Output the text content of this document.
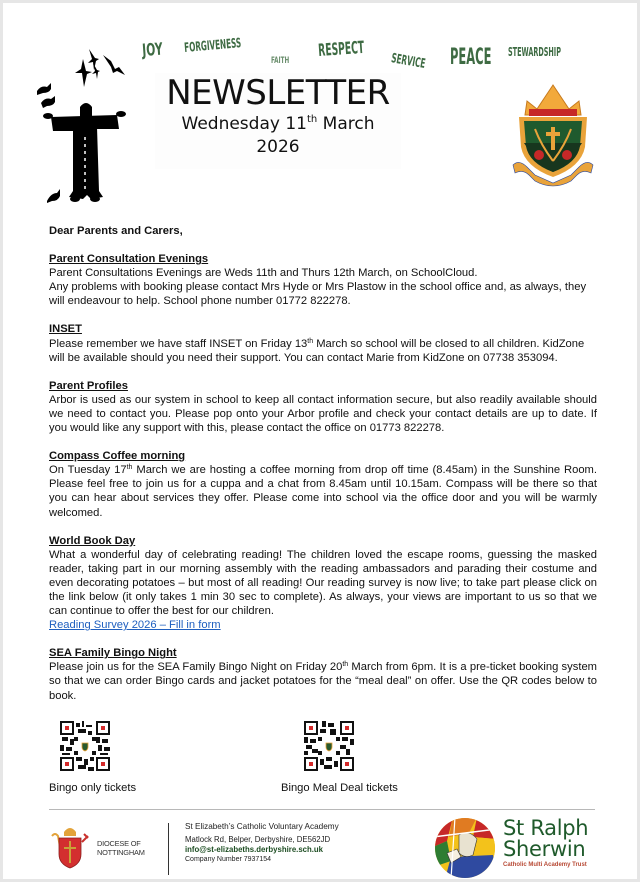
JOY FORGIVENESS
FAITH RESPECT
SERVICE PEACE STEWARDSHIP
NEWSLETTER
Wednesday 11th March
2026

Dear Parents and Carers,

Parent Consultation Evenings

Parent Consultations Evenings are Weds 11th and Thurs 12th March, on SchoolCloud.

Any problems with booking please contact Mrs Hyde or Mrs Plastow in the school office and, as always, they will endeavour to help. School phone number 01772 822278.

INSET

Please remember we have staff INSET on Friday 13th March so school will be closed to all children. KidZone will be available should you need their support. You can contact Marie from KidZone on 07738 353094.

Parent Profiles

Arbor is used as our system in school to keep all contact information secure, but also readily available should we need to contact you. Please pop onto your Arbor profile and check your contact details are up to date. If you would like any support with this, please contact the office on 01773 822278.

Compass Coffee morning

On Tuesday 17th March we are hosting a coffee morning from drop off time (8.45am) in the Sunshine Room. Please feel free to join us for a cuppa and a chat from 8.45am until 10.15am. Compass will be there so that you can hear about services they offer. Please come into school via the office door and you will be warmly welcomed.

World Book Day

What a wonderful day of celebrating reading! The children loved the escape rooms, guessing the masked reader, taking part in our morning assembly with the reading ambassadors and parading their costume and even decorating potatoes – but most of all reading! Our reading survey is now live; to take part please click on the link below (it only takes 1 min 30 sec to complete). As always, your views are important to us so that we can continue to offer the best for our children.

Reading Survey 2026 – Fill in form
SEA Family Bingo Night

Please join us for the SEA Family Bingo Night on Friday 20th March from 6pm. It is a pre-ticket booking system so that we can order Bingo cards and jacket potatoes for the “meal deal” on offer. Use the QR codes below to book.

Bingo only tickets	Bingo Meal Deal tickets
DIOCESE OF
NOTTINGHAM
St Elizabeth’s Catholic Voluntary Academy
Matlock Rd, Belper, Derbyshire, DE562JD
info@st-elizabeths.derbyshire.sch.uk
Company Number 7937154
St Ralph
Sherwin
Catholic Multi Academy Trust
